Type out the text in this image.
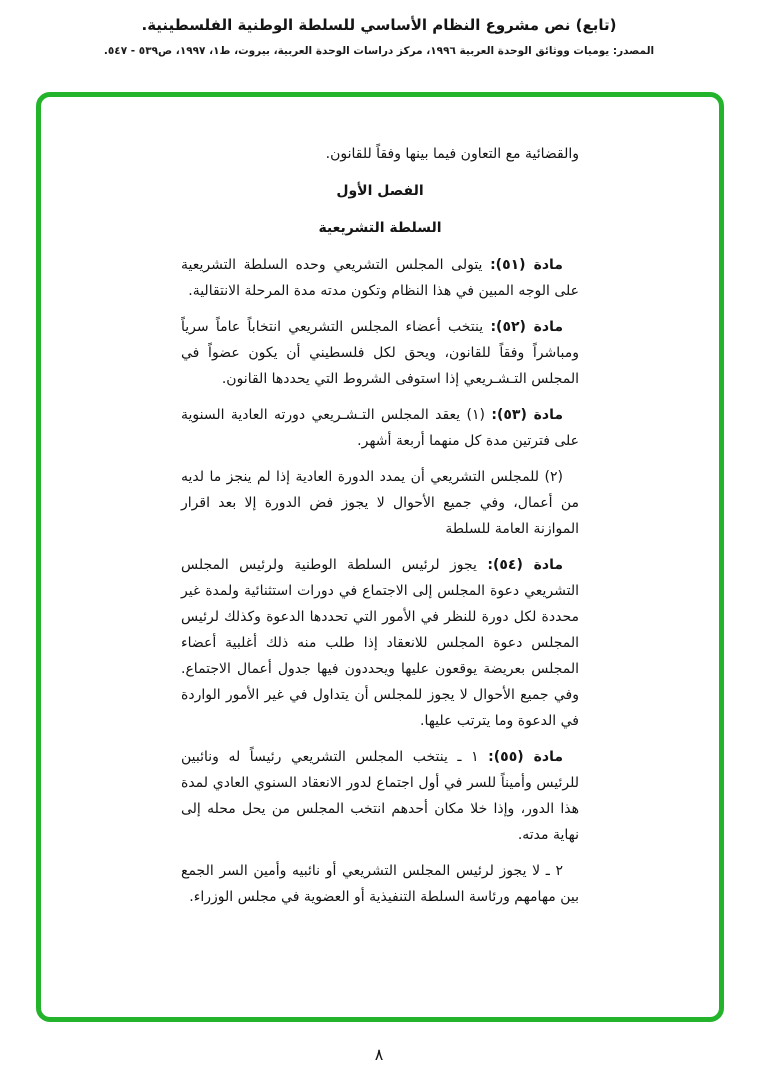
(تابع) نص مشروع النظام الأساسي للسلطة الوطنية الفلسطينية.
المصدر: يوميات ووثائق الوحدة العربية ١٩٩٦، مركز دراسات الوحدة العربية، بيروت، ط١، ١٩٩٧، ص٥٣٩ - ٥٤٧.

والقضائية مع التعاون فيما بينها وفقاً للقانون.

الفصل الأول
السلطة التشريعية

مادة (٥١): يتولى المجلس التشريعي وحده السلطة التشريعية على الوجه المبين في هذا النظام وتكون مدته مدة المرحلة الانتقالية.

مادة (٥٢): ينتخب أعضاء المجلس التشريعي انتخاباً عاماً سرياً ومباشراً وفقاً للقانون، ويحق لكل فلسطيني أن يكون عضواً في المجلس التـشـريعي إذا استوفى الشروط التي يحددها القانون.

مادة (٥٣): (١) يعقد المجلس التـشـريعي دورته العادية السنوية على فترتين مدة كل منهما أربعة أشهر.

(٢) للمجلس التشريعي أن يمدد الدورة العادية إذا لم ينجز ما لديه من أعمال، وفي جميع الأحوال لا يجوز فض الدورة إلا بعد اقرار الموازنة العامة للسلطة

مادة (٥٤): يجوز لرئيس السلطة الوطنية ولرئيس المجلس التشريعي دعوة المجلس إلى الاجتماع في دورات استثنائية ولمدة غير محددة لكل دورة للنظر في الأمور التي تحددها الدعوة وكذلك لرئيس المجلس دعوة المجلس للانعقاد إذا طلب منه ذلك أغلبية أعضاء المجلس بعريضة يوقعون عليها ويحددون فيها جدول أعمال الاجتماع. وفي جميع الأحوال لا يجوز للمجلس أن يتداول في غير الأمور الواردة في الدعوة وما يترتب عليها.

مادة (٥٥): ١ ـ ينتخب المجلس التشريعي رئيساً له ونائبين للرئيس وأميناً للسر في أول اجتماع لدور الانعقاد السنوي العادي لمدة هذا الدور، وإذا خلا مكان أحدهم انتخب المجلس من يحل محله إلى نهاية مدته.

٢ ـ لا يجوز لرئيس المجلس التشريعي أو نائبيه وأمين السر الجمع بين مهامهم ورئاسة السلطة التنفيذية أو العضوية في مجلس الوزراء.

٨
